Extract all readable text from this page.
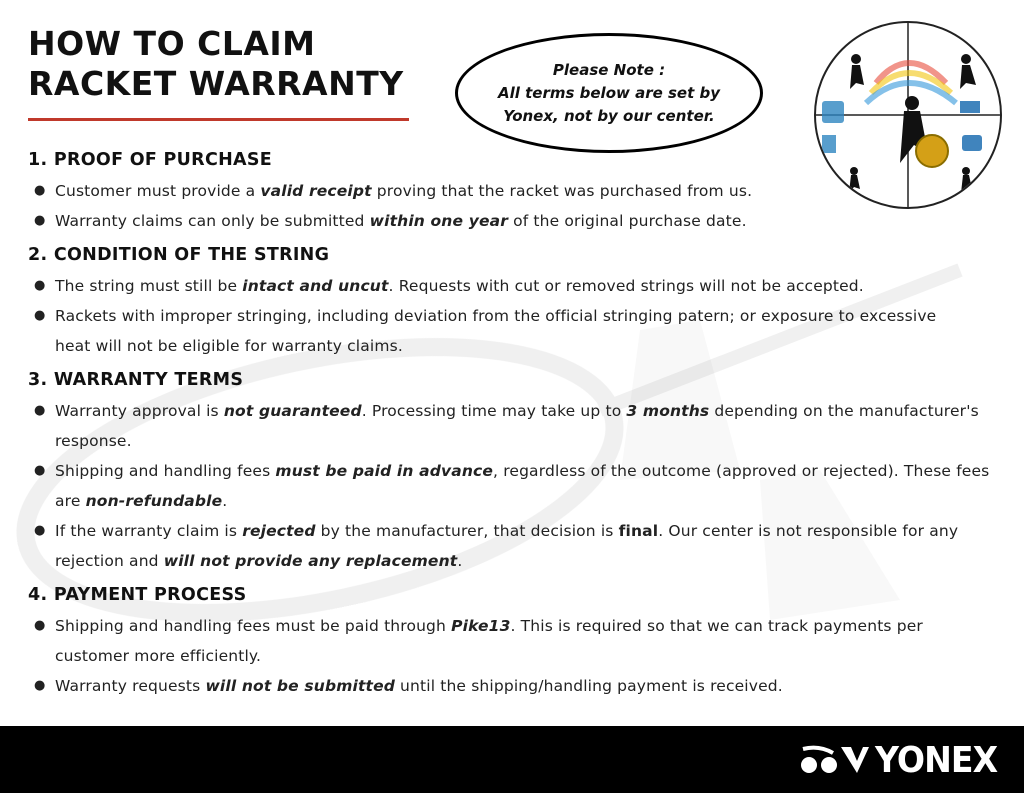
HOW TO CLAIM
RACKET WARRANTY	Please Note :
All terms below are set by
Yonex, not by our center.
1. PROOF OF PURCHASE
● Customer must provide a valid receipt proving that the racket was purchased from us.
● Warranty claims can only be submitted within one year of the original purchase date.
2. CONDITION OF THE STRING
● The string must still be intact and uncut. Requests with cut or removed strings will not be accepted.
● Rackets with improper stringing, including deviation from the official stringing patern; or exposure to excessive
heat will not be eligible for warranty claims.
3. WARRANTY TERMS
● Warranty approval is not guaranteed. Processing time may take up to 3 months depending on the manufacturer's
response.
● Shipping and handling fees must be paid in advance, regardless of the outcome (approved or rejected). These fees
are non-refundable.
● If the warranty claim is rejected by the manufacturer, that decision is final. Our center is not responsible for any
rejection and will not provide any replacement.
4. PAYMENT PROCESS
● Shipping and handling fees must be paid through Pike13. This is required so that we can track payments per
customer more efficiently.
● Warranty requests will not be submitted until the shipping/handling payment is received.
YONEX
